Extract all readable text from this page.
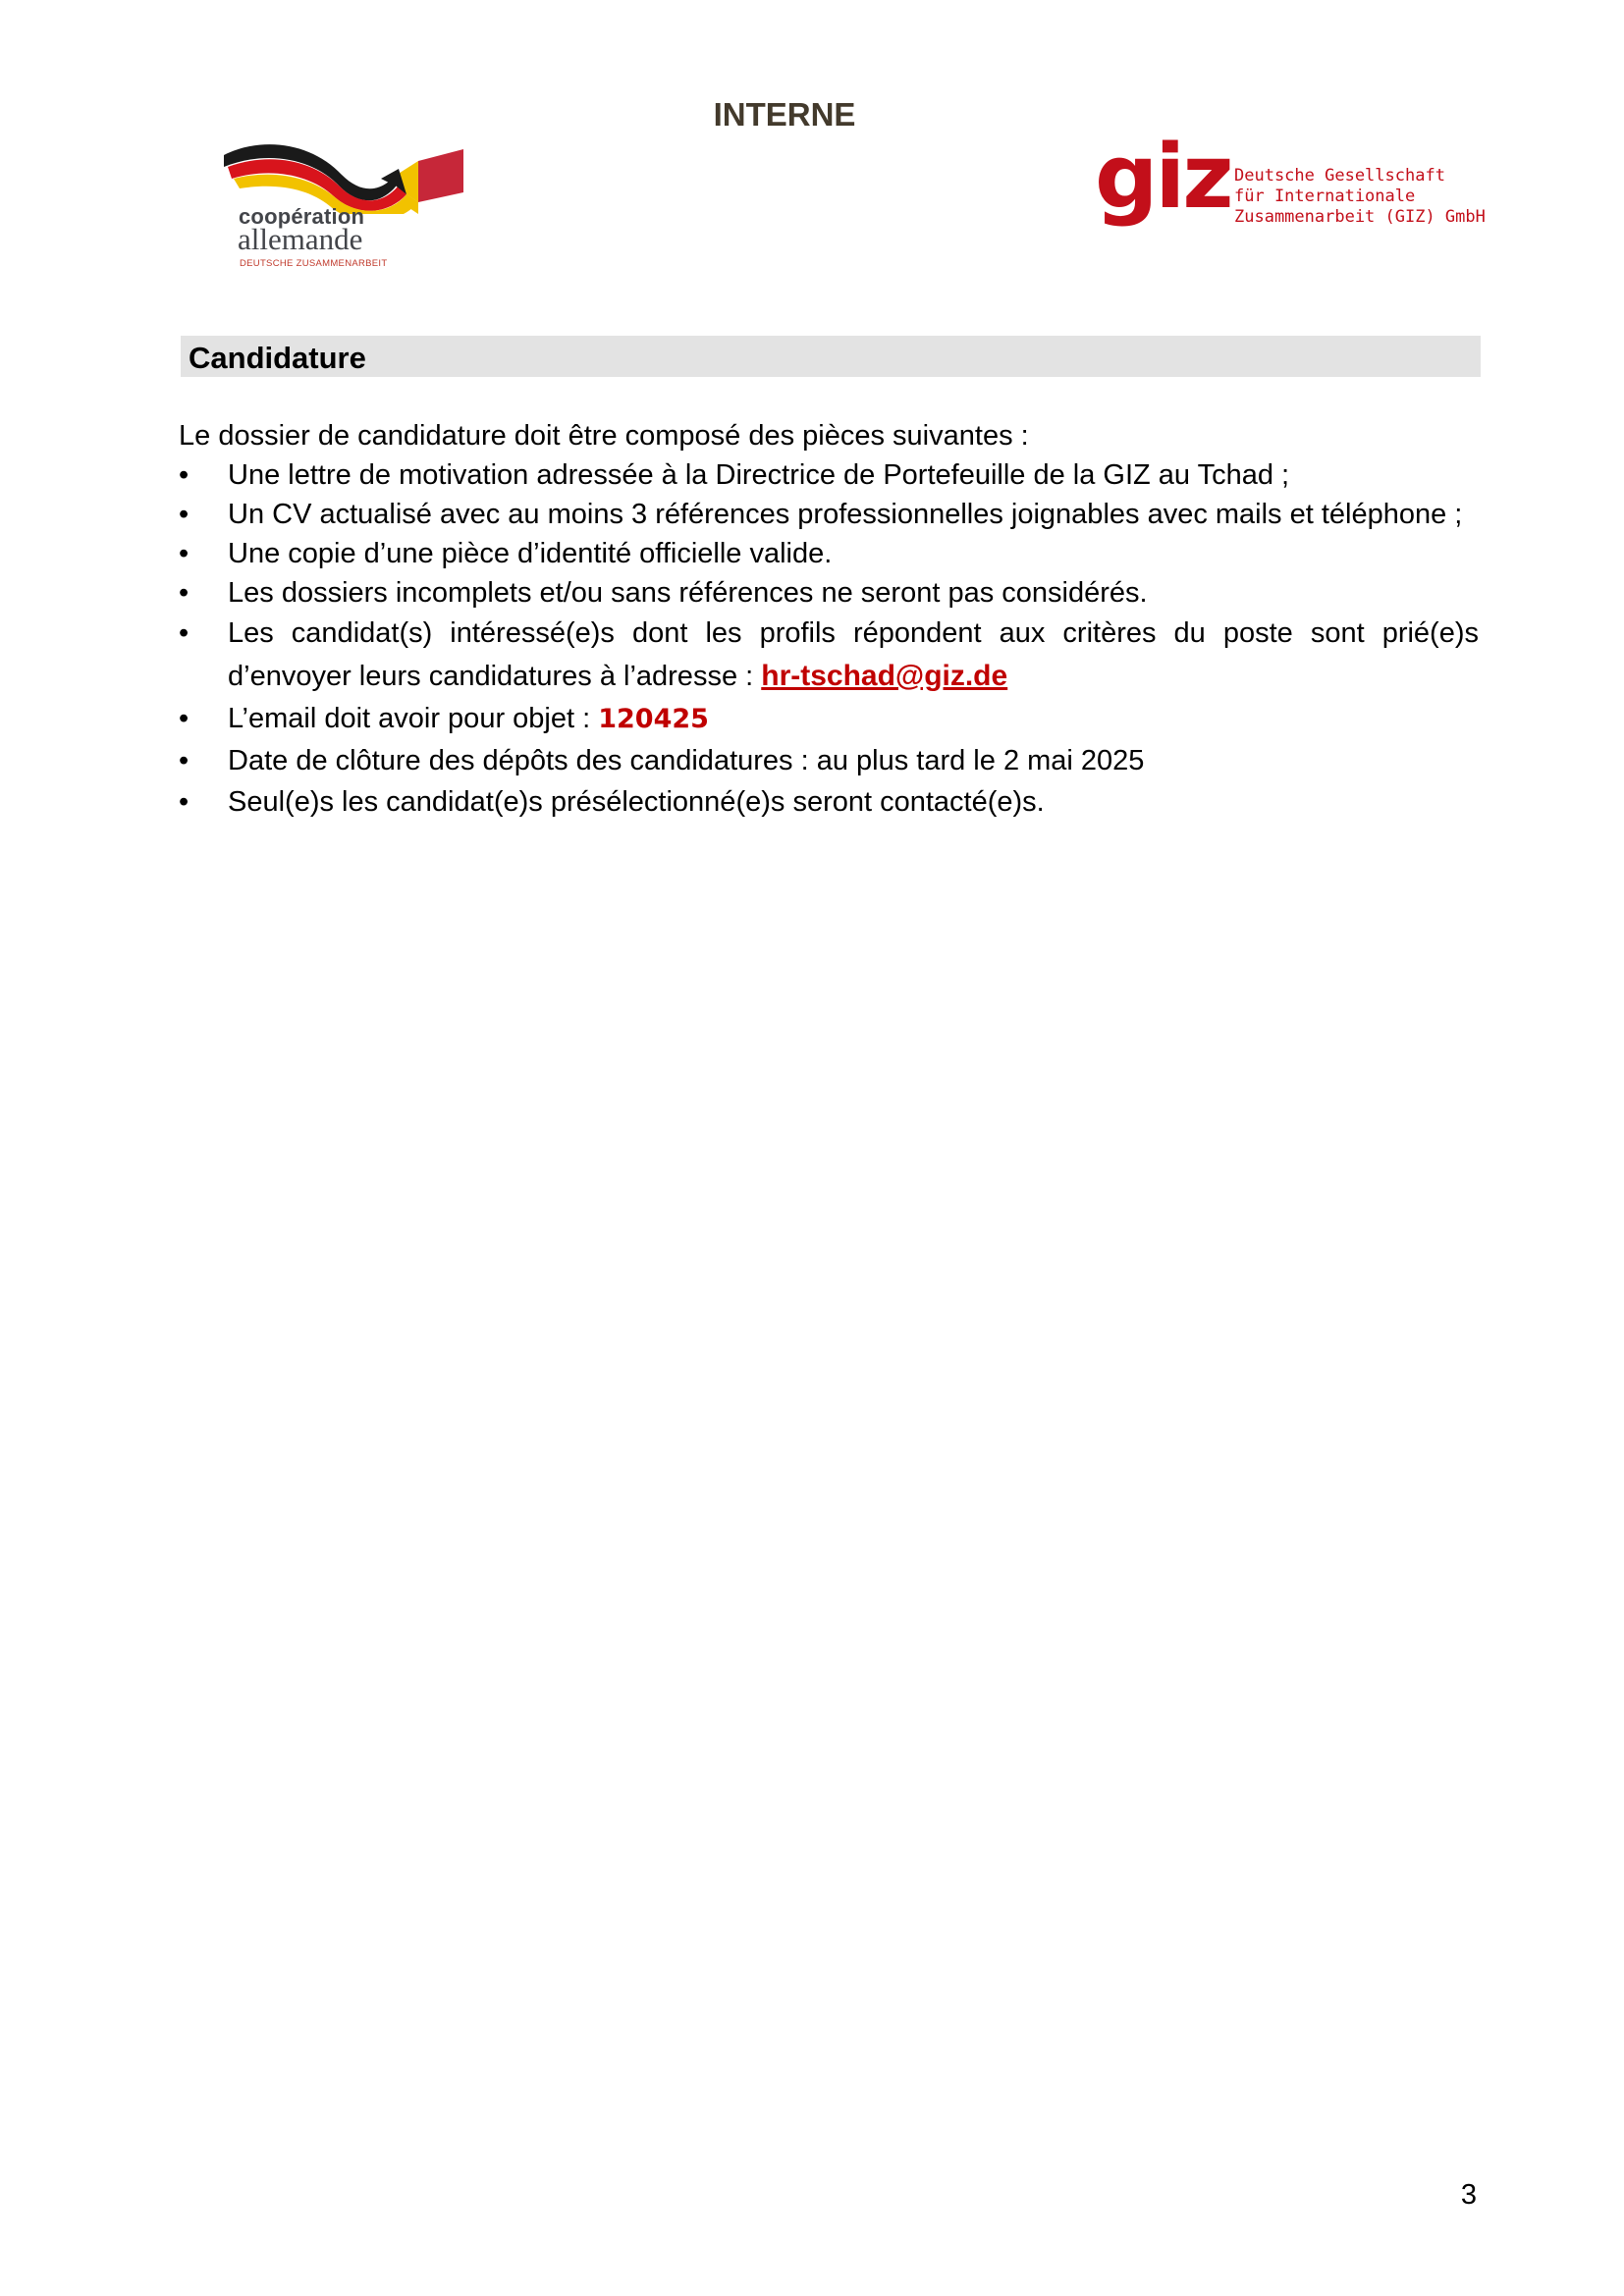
INTERNE
coopération
allemande
DEUTSCHE ZUSAMMENARBEIT
giz Deutsche Gesellschaft
für Internationale
Zusammenarbeit (GIZ) GmbH
Candidature

Le dossier de candidature doit être composé des pièces suivantes :

• Une lettre de motivation adressée à la Directrice de Portefeuille de la GIZ au Tchad ;
• Un CV actualisé avec au moins 3 références professionnelles joignables avec mails et téléphone ;
• Une copie d’une pièce d’identité officielle valide.
• Les dossiers incomplets et/ou sans références ne seront pas considérés.
• Les candidat(s) intéressé(e)s dont les profils répondent aux critères du poste sont prié(e)s d’envoyer leurs candidatures à l’adresse : hr-tschad@giz.de
• L’email doit avoir pour objet : 120425
• Date de clôture des dépôts des candidatures : au plus tard le 2 mai 2025
• Seul(e)s les candidat(e)s présélectionné(e)s seront contacté(e)s.
3
